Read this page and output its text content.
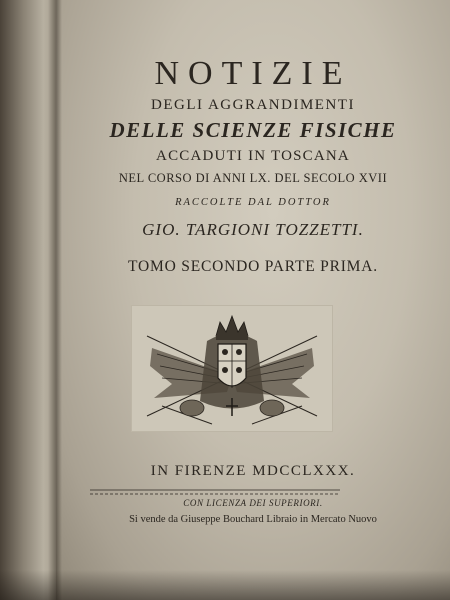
NOTIZIE
DEGLI AGGRANDIMENTI
DELLE SCIENZE FISICHE
ACCADUTI IN TOSCANA
NEL CORSO DI ANNI LX. DEL SECOLO XVII
RACCOLTE DAL DOTTOR
GIO. TARGIONI TOZZETTI.
TOMO SECONDO PARTE PRIMA.
IN FIRENZE MDCCLXXX.
CON LICENZA DEI SUPERIORI.
Si vende da Giuseppe Bouchard Libraio in Mercato Nuovo
